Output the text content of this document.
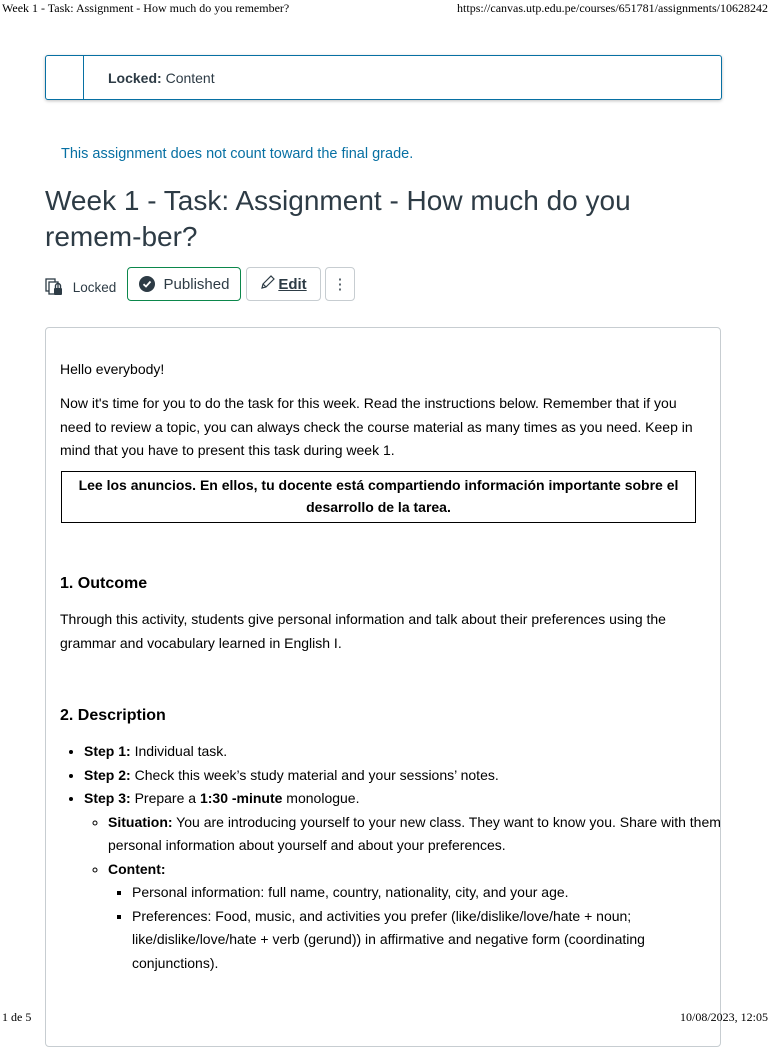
Week 1 - Task: Assignment - How much do you remember?	https://canvas.utp.edu.pe/courses/651781/assignments/10628242
Locked: Content
This assignment does not count toward the final grade.
Week 1 - Task: Assignment - How much do you remem-ber?
Locked	Published	Edit ⋮

Hello everybody!

Now it's time for you to do the task for this week. Read the instructions below. Remember that if you need to review a topic, you can always check the course material as many times as you need. Keep in mind that you have to present this task during week 1.

Lee los anuncios. En ellos, tu docente está compartiendo información importante sobre el desarrollo de la tarea.
1. Outcome

Through this activity, students give personal information and talk about their preferences using the grammar and vocabulary learned in English I.

2. Description
• Step 1: Individual task.
• Step 2: Check this week’s study material and your sessions’ notes.
• Step 3: Prepare a 1:30 -minute monologue.
◦ Situation: You are introducing yourself to your new class. They want to know you. Share with them personal information about yourself and about your preferences.
◦ Content:
▪ Personal information: full name, country, nationality, city, and your age.
▪ Preferences: Food, music, and activities you prefer (like/dislike/love/hate + noun; like/dislike/love/hate + verb (gerund)) in affirmative and negative form (coordinating conjunctions).
1 de 5	10/08/2023, 12:05
